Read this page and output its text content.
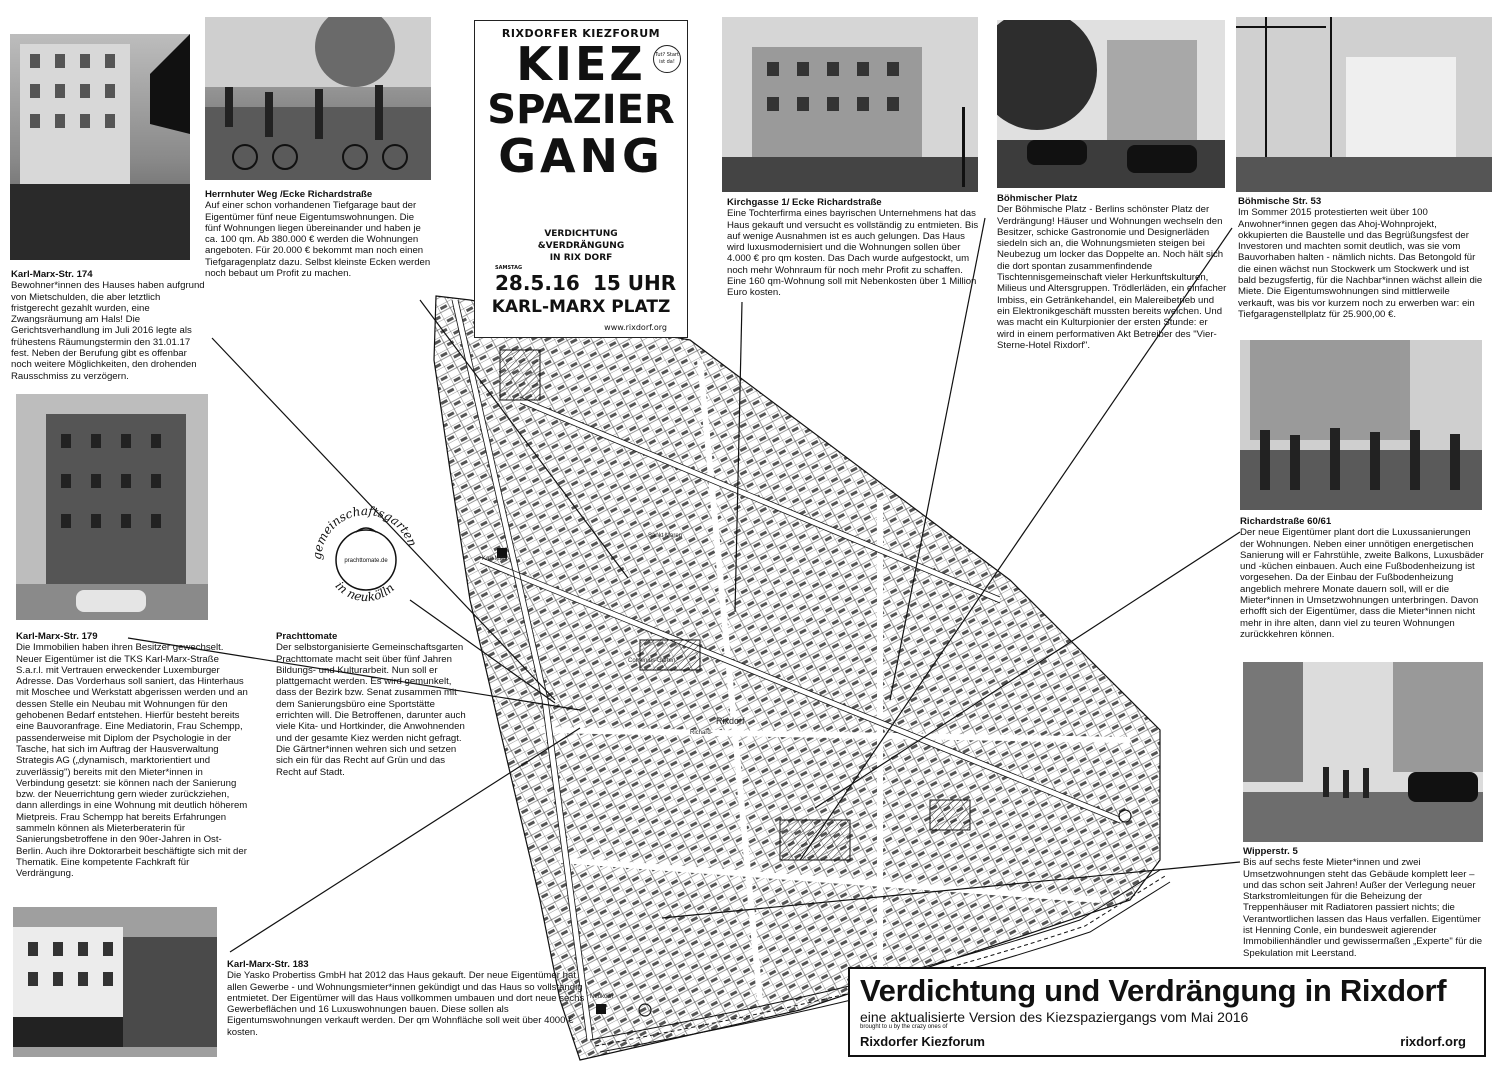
Rixdorf
Karl-Marx-
Neukölln
Comenius-Garten
Sankt Maren
Richard-
RIXDORFER KIEZFORUM
KIEZ
SPAZIER
GANG
Tut? Start ist da!
VERDICHTUNG
&VERDRÄNGUNG
IN RIX DORF
SAMSTAG
28.5.16 15 UHR
KARL-MARX PLATZ
www.rixdorf.org
gemeinschaftsgarten
in neukölln
prachttomate.de
Karl-Marx-Str. 174

Bewohner*innen des Hauses haben aufgrund von Mietschulden, die aber letztlich fristgerecht gezahlt wurden, eine Zwangsräumung am Hals! Die Gerichtsverhandlung im Juli 2016 legte als frühestens Räumungstermin den 31.01.17 fest. Neben der Berufung gibt es offenbar noch weitere Möglichkeiten, den drohenden Rausschmiss zu verzögern.

Herrnhuter Weg /Ecke Richardstraße

Auf einer schon vorhandenen Tiefgarage baut der Eigentümer fünf neue Eigentumswohnungen. Die fünf Wohnungen liegen übereinander und haben je ca. 100 qm. Ab 380.000 € werden die Wohnungen angeboten. Für 20.000 € bekommt man noch einen Tiefgaragenplatz dazu. Selbst kleinste Ecken werden noch bebaut um Profit zu machen.

Kirchgasse 1/ Ecke Richardstraße

Eine Tochterfirma eines bayrischen Unternehmens hat das Haus gekauft und versucht es vollständig zu entmieten. Bis auf wenige Ausnahmen ist es auch gelungen. Das Haus wird luxusmodernisiert und die Wohnungen sollen über 4.000 € pro qm kosten. Das Dach wurde aufgestockt, um noch mehr Wohnraum für noch mehr Profit zu schaffen. Eine 160 qm-Wohnung soll mit Nebenkosten über 1 Million Euro kosten.

Böhmischer Platz

Der Böhmische Platz - Berlins schönster Platz der Verdrängung! Häuser und Wohnungen wechseln den Besitzer, schicke Gastronomie und Designerläden siedeln sich an, die Wohnungsmieten steigen bei Neubezug um locker das Doppelte an. Noch hält sich die dort spontan zusammenfindende Tischtennisgemeinschaft vieler Herkunftskulturen, Milieus und Altersgruppen. Trödlerläden, ein einfacher Imbiss, ein Getränkehandel, ein Malereibetrieb und ein Elektronikgeschäft mussten bereits weichen. Und was macht ein Kulturpionier der ersten Stunde: er wird in einem performativen Akt Betreiber des "Vier-Sterne-Hotel Rixdorf".

Böhmische Str. 53

Im Sommer 2015 protestierten weit über 100 Anwohner*innen gegen das Ahoj-Wohnprojekt, okkupierten die Baustelle und das Begrüßungsfest der Investoren und machten somit deutlich, was sie vom Bauvorhaben halten - nämlich nichts. Das Betongold für die einen wächst nun Stockwerk um Stockwerk und ist bald bezugsfertig, für die Nachbar*innen wächst allein die Miete. Die Eigentumswohnungen sind mittlerweile verkauft, was bis vor kurzem noch zu erwerben war: ein Tiefgaragenstellplatz für 25.900,00 €.

Karl-Marx-Str. 179

Die Immobilien haben ihren Besitzer gewechselt. Neuer Eigentümer ist die TKS Karl-Marx-Straße S.a.r.l. mit Vertrauen erweckender Luxemburger Adresse. Das Vorderhaus soll saniert, das Hinterhaus mit Moschee und Werkstatt abgerissen werden und an dessen Stelle ein Neubau mit Wohnungen für den gehobenen Bedarf entstehen. Hierfür besteht bereits eine Bauvoranfrage. Eine Mediatorin, Frau Schempp, passenderweise mit Diplom der Psychologie in der Tasche, hat sich im Auftrag der Hausverwaltung Strategis AG („dynamisch, marktorientiert und zuverlässig") bereits mit den Mieter*innen in Verbindung gesetzt: sie können nach der Sanierung bzw. der Neuerrichtung gern wieder zurückziehen, dann allerdings in eine Wohnung mit deutlich höherem Mietpreis. Frau Schempp hat bereits Erfahrungen sammeln können als Mieterberaterin für Sanierungsbetroffene in den 90er-Jahren in Ost-Berlin. Auch ihre Doktorarbeit beschäftigte sich mit der Thematik. Eine kompetente Fachkraft für Verdrängung.

Prachttomate

Der selbstorganisierte Gemeinschaftsgarten Prachttomate macht seit über fünf Jahren Bildungs- und Kulturarbeit. Nun soll er plattgemacht werden. Es wird gemunkelt, dass der Bezirk bzw. Senat zusammen mit dem Sanierungsbüro eine Sportstätte errichten will. Die Betroffenen, darunter auch viele Kita- und Hortkinder, die Anwohnenden und der gesamte Kiez werden nicht gefragt. Die Gärtner*innen wehren sich und setzen sich ein für das Recht auf Grün und das Recht auf Stadt.

Richardstraße 60/61

Der neue Eigentümer plant dort die Luxussanierungen der Wohnungen. Neben einer unnötigen energetischen Sanierung will er Fahrstühle, zweite Balkons, Luxusbäder und -küchen einbauen. Auch eine Fußbodenheizung ist vorgesehen. Da der Einbau der Fußbodenheizung angeblich mehrere Monate dauern soll, will er die Mieter*innen in Umsetzwohnungen unterbringen. Davon erhofft sich der Eigentümer, dass die Mieter*innen nicht mehr in ihre alten, dann viel zu teuren Wohnungen zurückkehren können.

Wipperstr. 5

Bis auf sechs feste Mieter*innen und zwei Umsetzwohnungen steht das Gebäude komplett leer – und das schon seit Jahren! Außer der Verlegung neuer Starkstromleitungen für die Beheizung der Treppenhäuser mit Radiatoren passiert nichts; die Verantwortlichen lassen das Haus verfallen. Eigentümer ist Henning Conle, ein bundesweit agierender Immobilienhändler und gewissermaßen „Experte" für die Spekulation mit Leerstand.

Karl-Marx-Str. 183

Die Yasko Probertiss GmbH hat 2012 das Haus gekauft. Der neue Eigentümer hat allen Gewerbe - und Wohnungsmieter*innen gekündigt und das Haus so vollständig entmietet. Der Eigentümer will das Haus vollkommen umbauen und dort neue sechs Gewerbeflächen und 16 Luxuswohnungen bauen. Diese sollen als Eigentumswohnungen verkauft werden. Der qm Wohnfläche soll weit über 4000 € kosten.

Verdichtung und Verdrängung in Rixdorf
eine aktualisierte Version des Kiezspaziergangs vom Mai 2016
brought to u by the crazy ones of
Rixdorfer Kiezforum	rixdorf.org
